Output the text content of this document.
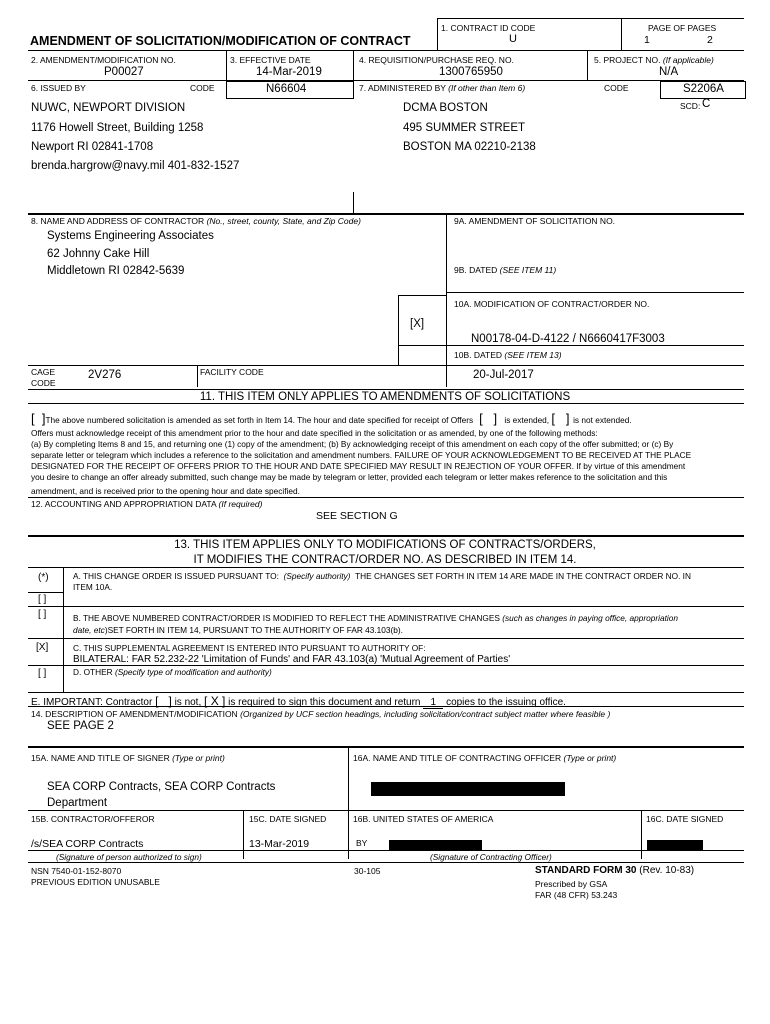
1. CONTRACT ID CODE
U
PAGE OF PAGES
1	2
AMENDMENT OF SOLICITATION/MODIFICATION OF CONTRACT
2. AMENDMENT/MODIFICATION NO.
P00027
3. EFFECTIVE DATE
14-Mar-2019
4. REQUISITION/PURCHASE REQ. NO.
1300765950
5. PROJECT NO. (If applicable)
N/A
6. ISSUED BY	CODE	N66604	7. ADMINISTERED BY (If other than Item 6)	CODE	S2206A
SCD: C
NUWC, NEWPORT DIVISION
1176 Howell Street, Building 1258
Newport RI 02841-1708
brenda.hargrow@navy.mil 401-832-1527
DCMA BOSTON
495 SUMMER STREET
BOSTON MA 02210-2138
8. NAME AND ADDRESS OF CONTRACTOR (No., street, county, State, and Zip Code)
Systems Engineering Associates
62 Johnny Cake Hill
Middletown RI 02842-5639
[X]
9A. AMENDMENT OF SOLICITATION NO.
9B. DATED (SEE ITEM 11)
10A. MODIFICATION OF CONTRACT/ORDER NO.
N00178-04-D-4122 / N6660417F3003
10B. DATED (SEE ITEM 13)
20-Jul-2017
CAGE
CODE
2V276	FACILITY CODE
11. THIS ITEM ONLY APPLIES TO AMENDMENTS OF SOLICITATIONS
[  ]The above numbered solicitation is amended as set forth in Item 14. The hour and date specified for receipt of Offers  [   ]  is extended, [   ] is not extended.
Offers must acknowledge receipt of this amendment prior to the hour and date specified in the solicitation or as amended, by one of the following methods:
(a) By completing Items 8 and 15, and returning one (1) copy of the amendment; (b) By acknowledging receipt of this amendment on each copy of the offer submitted; or (c) By
separate letter or telegram which includes a reference to the solicitation and amendment numbers. FAILURE OF YOUR ACKNOWLEDGEMENT TO BE RECEIVED AT THE PLACE
DESIGNATED FOR THE RECEIPT OF OFFERS PRIOR TO THE HOUR AND DATE SPECIFIED MAY RESULT IN REJECTION OF YOUR OFFER. If by virtue of this amendment
you desire to change an offer already submitted, such change may be made by telegram or letter, provided each telegram or letter makes reference to the solicitation and this
amendment, and is received prior to the opening hour and date specified.
12. ACCOUNTING AND APPROPRIATION DATA (If required)
SEE SECTION G
13. THIS ITEM APPLIES ONLY TO MODIFICATIONS OF CONTRACTS/ORDERS,
IT MODIFIES THE CONTRACT/ORDER NO. AS DESCRIBED IN ITEM 14.
(*)	A. THIS CHANGE ORDER IS ISSUED PURSUANT TO: (Specify authority) THE CHANGES SET FORTH IN ITEM 14 ARE MADE IN THE CONTRACT ORDER NO. IN
ITEM 10A.
[ ]
[ ]	B. THE ABOVE NUMBERED CONTRACT/ORDER IS MODIFIED TO REFLECT THE ADMINISTRATIVE CHANGES (such as changes in paying office, appropriation
date, etc)SET FORTH IN ITEM 14, PURSUANT TO THE AUTHORITY OF FAR 43.103(b).
[X]	C. THIS SUPPLEMENTAL AGREEMENT IS ENTERED INTO PURSUANT TO AUTHORITY OF:
BILATERAL: FAR 52.232-22 'Limitation of Funds' and FAR 43.103(a) 'Mutual Agreement of Parties'
[ ]	D. OTHER (Specify type of modification and authority)
E. IMPORTANT: Contractor [   ] is not, [ X ] is required to sign this document and return 1 copies to the issuing office.
14. DESCRIPTION OF AMENDMENT/MODIFICATION (Organized by UCF section headings, including solicitation/contract subject matter where feasible )
SEE PAGE 2
15A. NAME AND TITLE OF SIGNER (Type or print)
SEA CORP Contracts, SEA CORP Contracts
Department
16A. NAME AND TITLE OF CONTRACTING OFFICER (Type or print)
15B. CONTRACTOR/OFFEROR	15C. DATE SIGNED	16B. UNITED STATES OF AMERICA	16C. DATE SIGNED
/s/SEA CORP Contracts	13-Mar-2019	BY
(Signature of person authorized to sign)	(Signature of Contracting Officer)
NSN 7540-01-152-8070
PREVIOUS EDITION UNUSABLE
30-105	STANDARD FORM 30 (Rev. 10-83)
Prescribed by GSA
FAR (48 CFR) 53.243
